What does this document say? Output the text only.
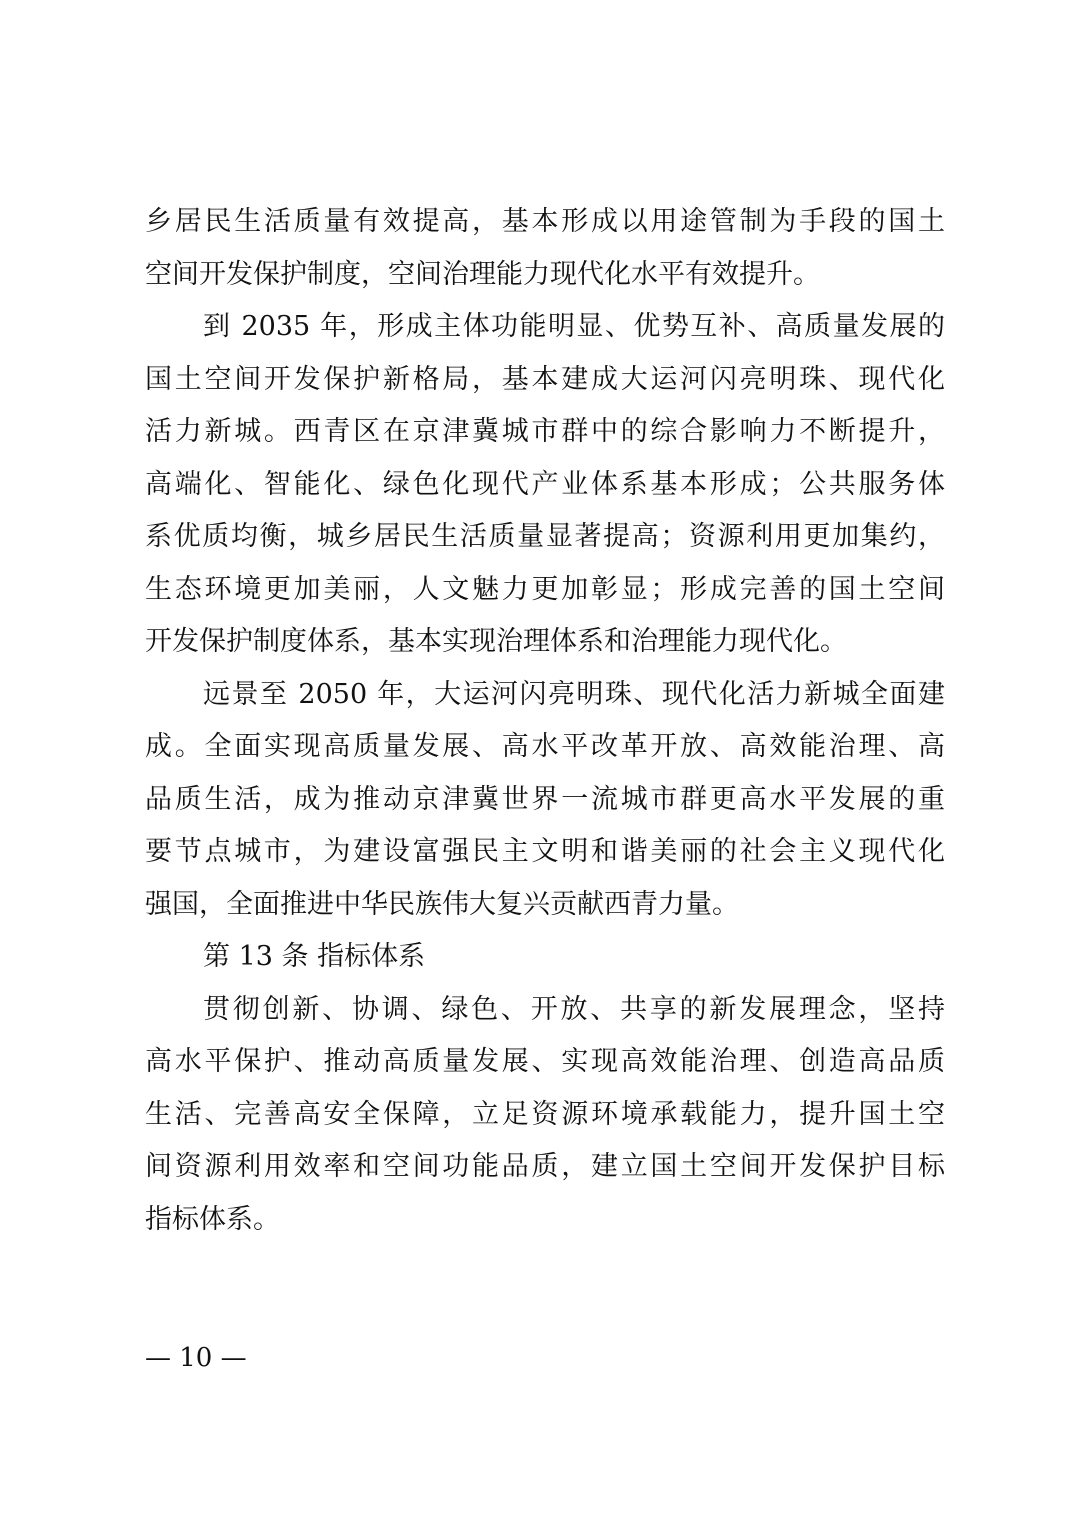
乡居民生活质量有效提高，基本形成以用途管制为手段的国土
空间开发保护制度，空间治理能力现代化水平有效提升。
到 2035 年，形成主体功能明显、优势互补、高质量发展的
国土空间开发保护新格局，基本建成大运河闪亮明珠、现代化
活力新城。西青区在京津冀城市群中的综合影响力不断提升，
高端化、智能化、绿色化现代产业体系基本形成；公共服务体
系优质均衡，城乡居民生活质量显著提高；资源利用更加集约，
生态环境更加美丽，人文魅力更加彰显；形成完善的国土空间
开发保护制度体系，基本实现治理体系和治理能力现代化。
远景至 2050 年，大运河闪亮明珠、现代化活力新城全面建
成。全面实现高质量发展、高水平改革开放、高效能治理、高
品质生活，成为推动京津冀世界一流城市群更高水平发展的重
要节点城市，为建设富强民主文明和谐美丽的社会主义现代化
强国，全面推进中华民族伟大复兴贡献西青力量。
第 13 条 指标体系
贯彻创新、协调、绿色、开放、共享的新发展理念，坚持
高水平保护、推动高质量发展、实现高效能治理、创造高品质
生活、完善高安全保障，立足资源环境承载能力，提升国土空
间资源利用效率和空间功能品质，建立国土空间开发保护目标
指标体系。
— 10 —
